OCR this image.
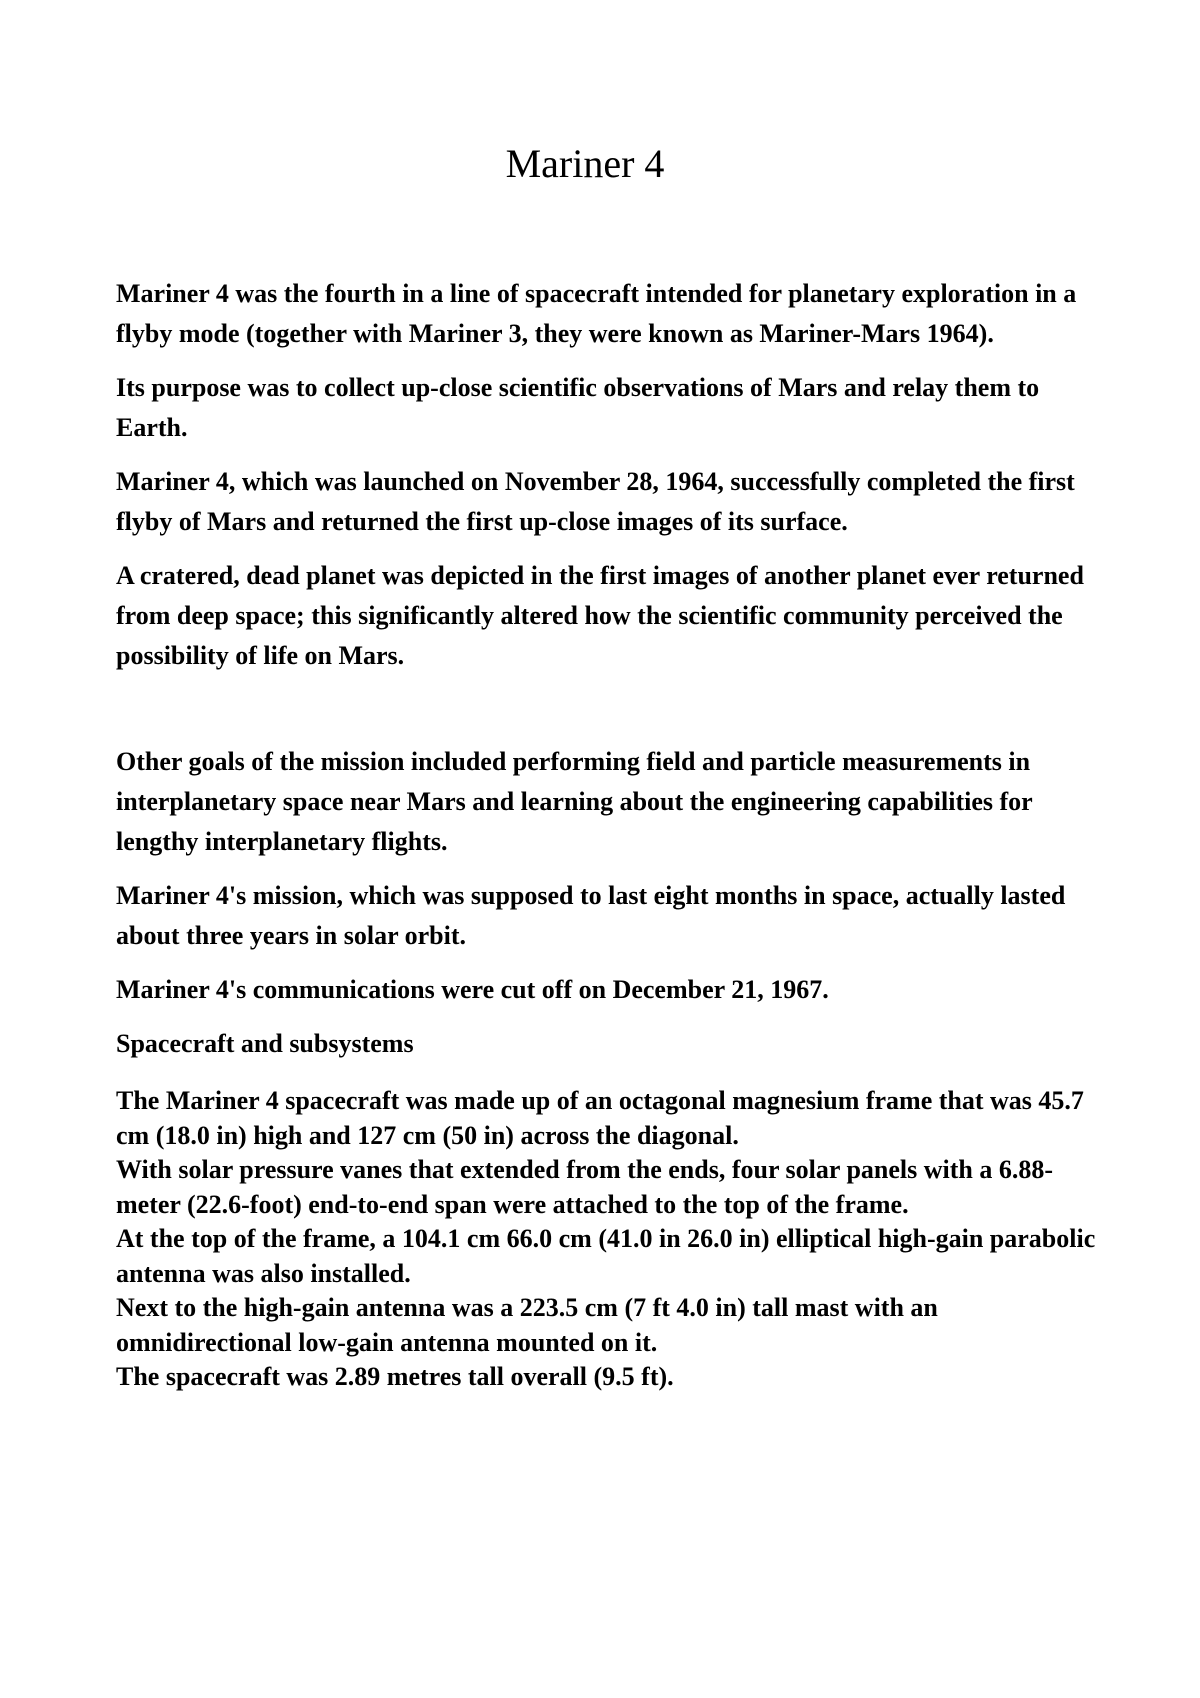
Mariner 4

Mariner 4 was the fourth in a line of spacecraft intended for planetary exploration in a flyby mode (together with Mariner 3, they were known as Mariner-Mars 1964).

Its purpose was to collect up-close scientific observations of Mars and relay them to Earth.

Mariner 4, which was launched on November 28, 1964, successfully completed the first flyby of Mars and returned the first up-close images of its surface.

A cratered, dead planet was depicted in the first images of another planet ever returned from deep space; this significantly altered how the scientific community perceived the possibility of life on Mars.

Other goals of the mission included performing field and particle measurements in interplanetary space near Mars and learning about the engineering capabilities for lengthy interplanetary flights.

Mariner 4's mission, which was supposed to last eight months in space, actually lasted about three years in solar orbit.

Mariner 4's communications were cut off on December 21, 1967.

Spacecraft and subsystems

The Mariner 4 spacecraft was made up of an octagonal magnesium frame that was 45.7 cm (18.0 in) high and 127 cm (50 in) across the diagonal.

With solar pressure vanes that extended from the ends, four solar panels with a 6.88-meter (22.6-foot) end-to-end span were attached to the top of the frame.

At the top of the frame, a 104.1 cm 66.0 cm (41.0 in 26.0 in) elliptical high-gain parabolic antenna was also installed.

Next to the high-gain antenna was a 223.5 cm (7 ft 4.0 in) tall mast with an omnidirectional low-gain antenna mounted on it.

The spacecraft was 2.89 metres tall overall (9.5 ft).
